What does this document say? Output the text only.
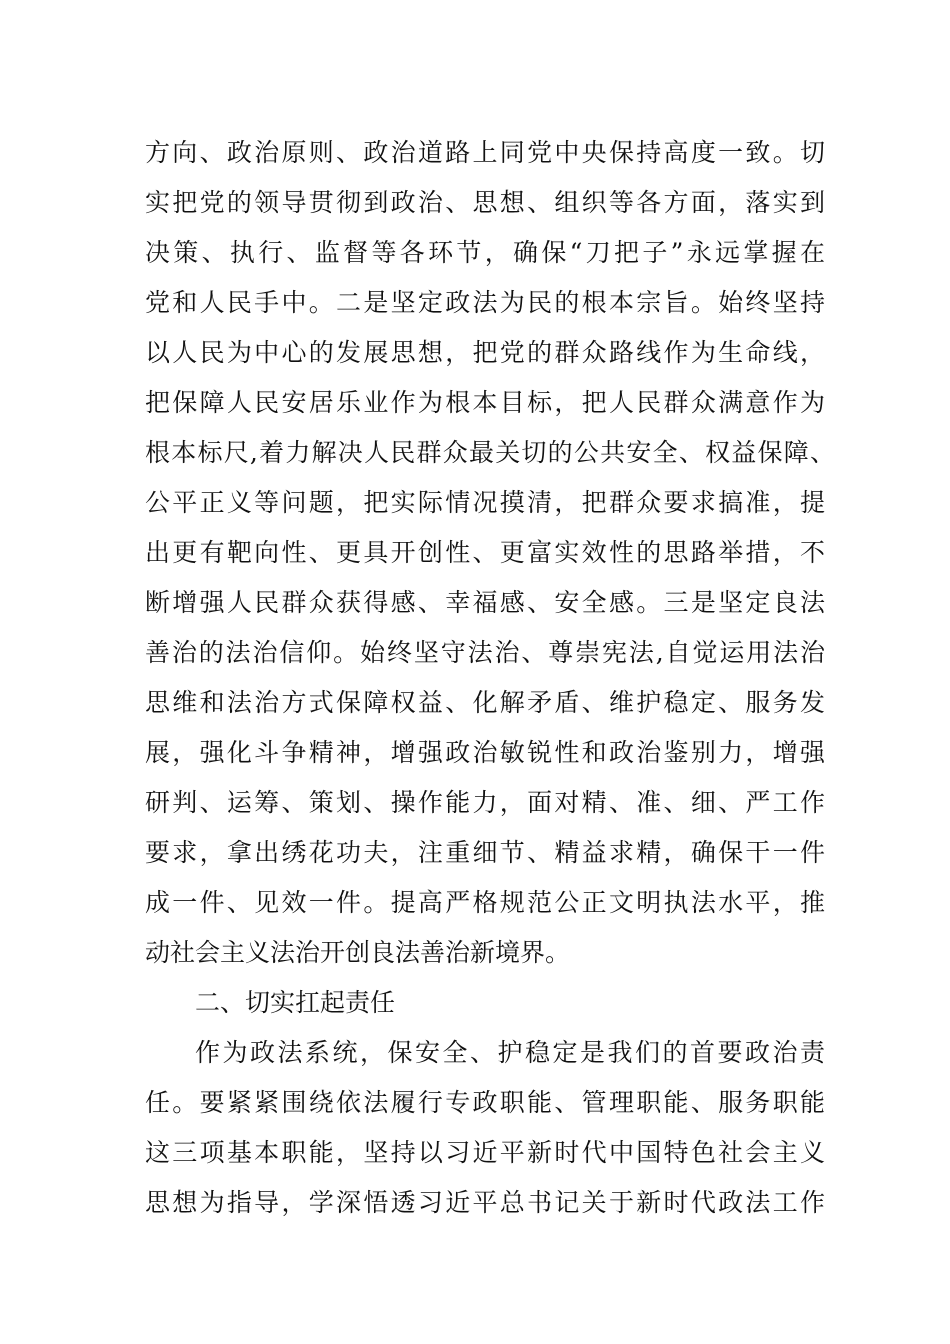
方向、政治原则、政治道路上同党中央保持高度一致。切
实把党的领导贯彻到政治、思想、组织等各方面，落实到
决策、执行、监督等各环节，确保“刀把子”永远掌握在
党和人民手中。二是坚定政法为民的根本宗旨。始终坚持
以人民为中心的发展思想，把党的群众路线作为生命线，
把保障人民安居乐业作为根本目标，把人民群众满意作为
根本标尺,着力解决人民群众最关切的公共安全、权益保障、
公平正义等问题，把实际情况摸清，把群众要求搞准，提
出更有靶向性、更具开创性、更富实效性的思路举措，不
断增强人民群众获得感、幸福感、安全感。三是坚定良法
善治的法治信仰。始终坚守法治、尊崇宪法,自觉运用法治
思维和法治方式保障权益、化解矛盾、维护稳定、服务发
展，强化斗争精神，增强政治敏锐性和政治鉴别力，增强
研判、运筹、策划、操作能力，面对精、准、细、严工作
要求，拿出绣花功夫，注重细节、精益求精，确保干一件
成一件、见效一件。提高严格规范公正文明执法水平，推
动社会主义法治开创良法善治新境界。
二、切实扛起责任
作为政法系统，保安全、护稳定是我们的首要政治责
任。要紧紧围绕依法履行专政职能、管理职能、服务职能
这三项基本职能，坚持以习近平新时代中国特色社会主义
思想为指导，学深悟透习近平总书记关于新时代政法工作
